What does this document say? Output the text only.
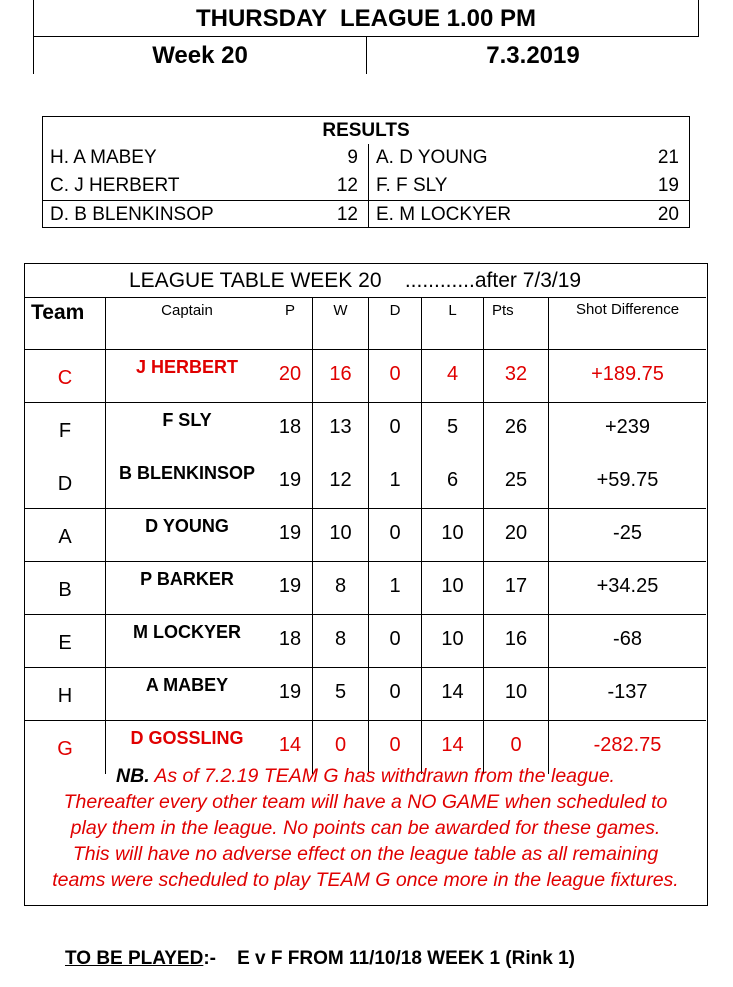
THURSDAY  LEAGUE 1.00 PM
Week 20	7.3.2019
RESULTS
H. A MABEY	9 A. D YOUNG	21
C. J HERBERT	12 F. F SLY	19
D. B BLENKINSOP	12 E. M LOCKYER	20
LEAGUE TABLE WEEK 20    ............after 7/3/19
Team	Captain	P	W	D	L	Pts	Shot Difference
C	J HERBERT	20	16	0	4	32	+189.75
F	F SLY	18	13	0	5	26	+239
D	B BLENKINSOP	19	12	1	6	25	+59.75
A	D YOUNG	19	10	0	10	20	-25
B	P BARKER	19	8	1	10	17	+34.25
E	M LOCKYER	18	8	0	10	16	-68
H	A MABEY	19	5	0	14	10	-137
G	D GOSSLING	14	0	0	14	0	-282.75
NB. As of 7.2.19 TEAM G has withdrawn from the league.
Thereafter every other team will have a NO GAME when scheduled to
play them in the league. No points can be awarded for these games.
This will have no adverse effect on the league table as all remaining
teams were scheduled to play TEAM G once more in the league fixtures.
TO BE PLAYED:-    E v F FROM 11/10/18 WEEK 1 (Rink 1)
